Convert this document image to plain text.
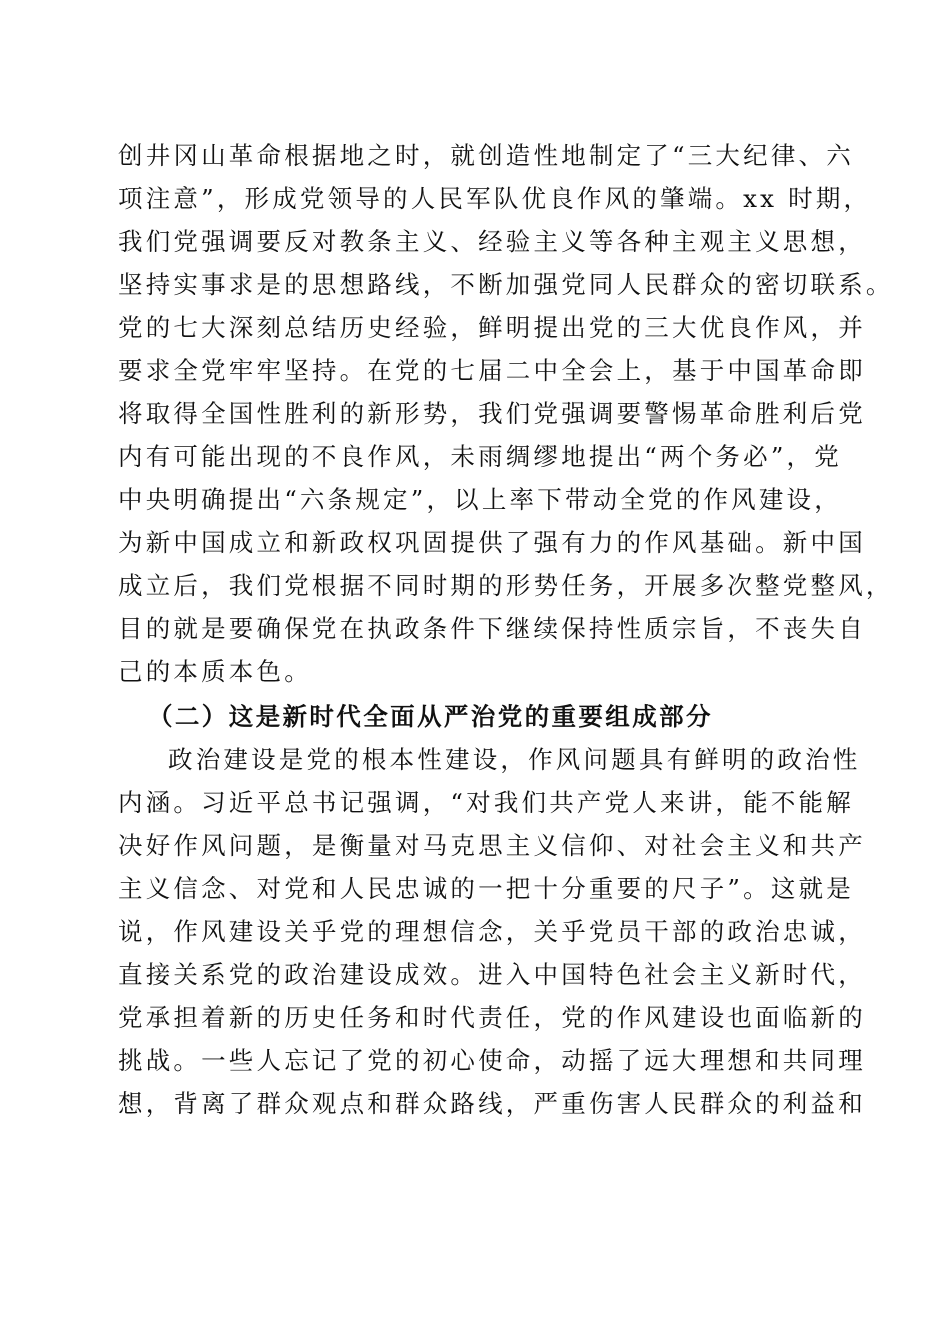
创井冈山革命根据地之时，就创造性地制定了“三大纪律、六
项注意”，形成党领导的人民军队优良作风的肇端。xx 时期，
我们党强调要反对教条主义、经验主义等各种主观主义思想，
坚持实事求是的思想路线，不断加强党同人民群众的密切联系。
党的七大深刻总结历史经验，鲜明提出党的三大优良作风，并
要求全党牢牢坚持。在党的七届二中全会上，基于中国革命即
将取得全国性胜利的新形势，我们党强调要警惕革命胜利后党
内有可能出现的不良作风，未雨绸缪地提出“两个务必”，党
中央明确提出“六条规定”，以上率下带动全党的作风建设，
为新中国成立和新政权巩固提供了强有力的作风基础。新中国
成立后，我们党根据不同时期的形势任务，开展多次整党整风，
目的就是要确保党在执政条件下继续保持性质宗旨，不丧失自
己的本质本色。
（二）这是新时代全面从严治党的重要组成部分
政治建设是党的根本性建设，作风问题具有鲜明的政治性
内涵。习近平总书记强调，“对我们共产党人来讲，能不能解
决好作风问题，是衡量对马克思主义信仰、对社会主义和共产
主义信念、对党和人民忠诚的一把十分重要的尺子”。这就是
说，作风建设关乎党的理想信念，关乎党员干部的政治忠诚，
直接关系党的政治建设成效。进入中国特色社会主义新时代，
党承担着新的历史任务和时代责任，党的作风建设也面临新的
挑战。一些人忘记了党的初心使命，动摇了远大理想和共同理
想，背离了群众观点和群众路线，严重伤害人民群众的利益和
